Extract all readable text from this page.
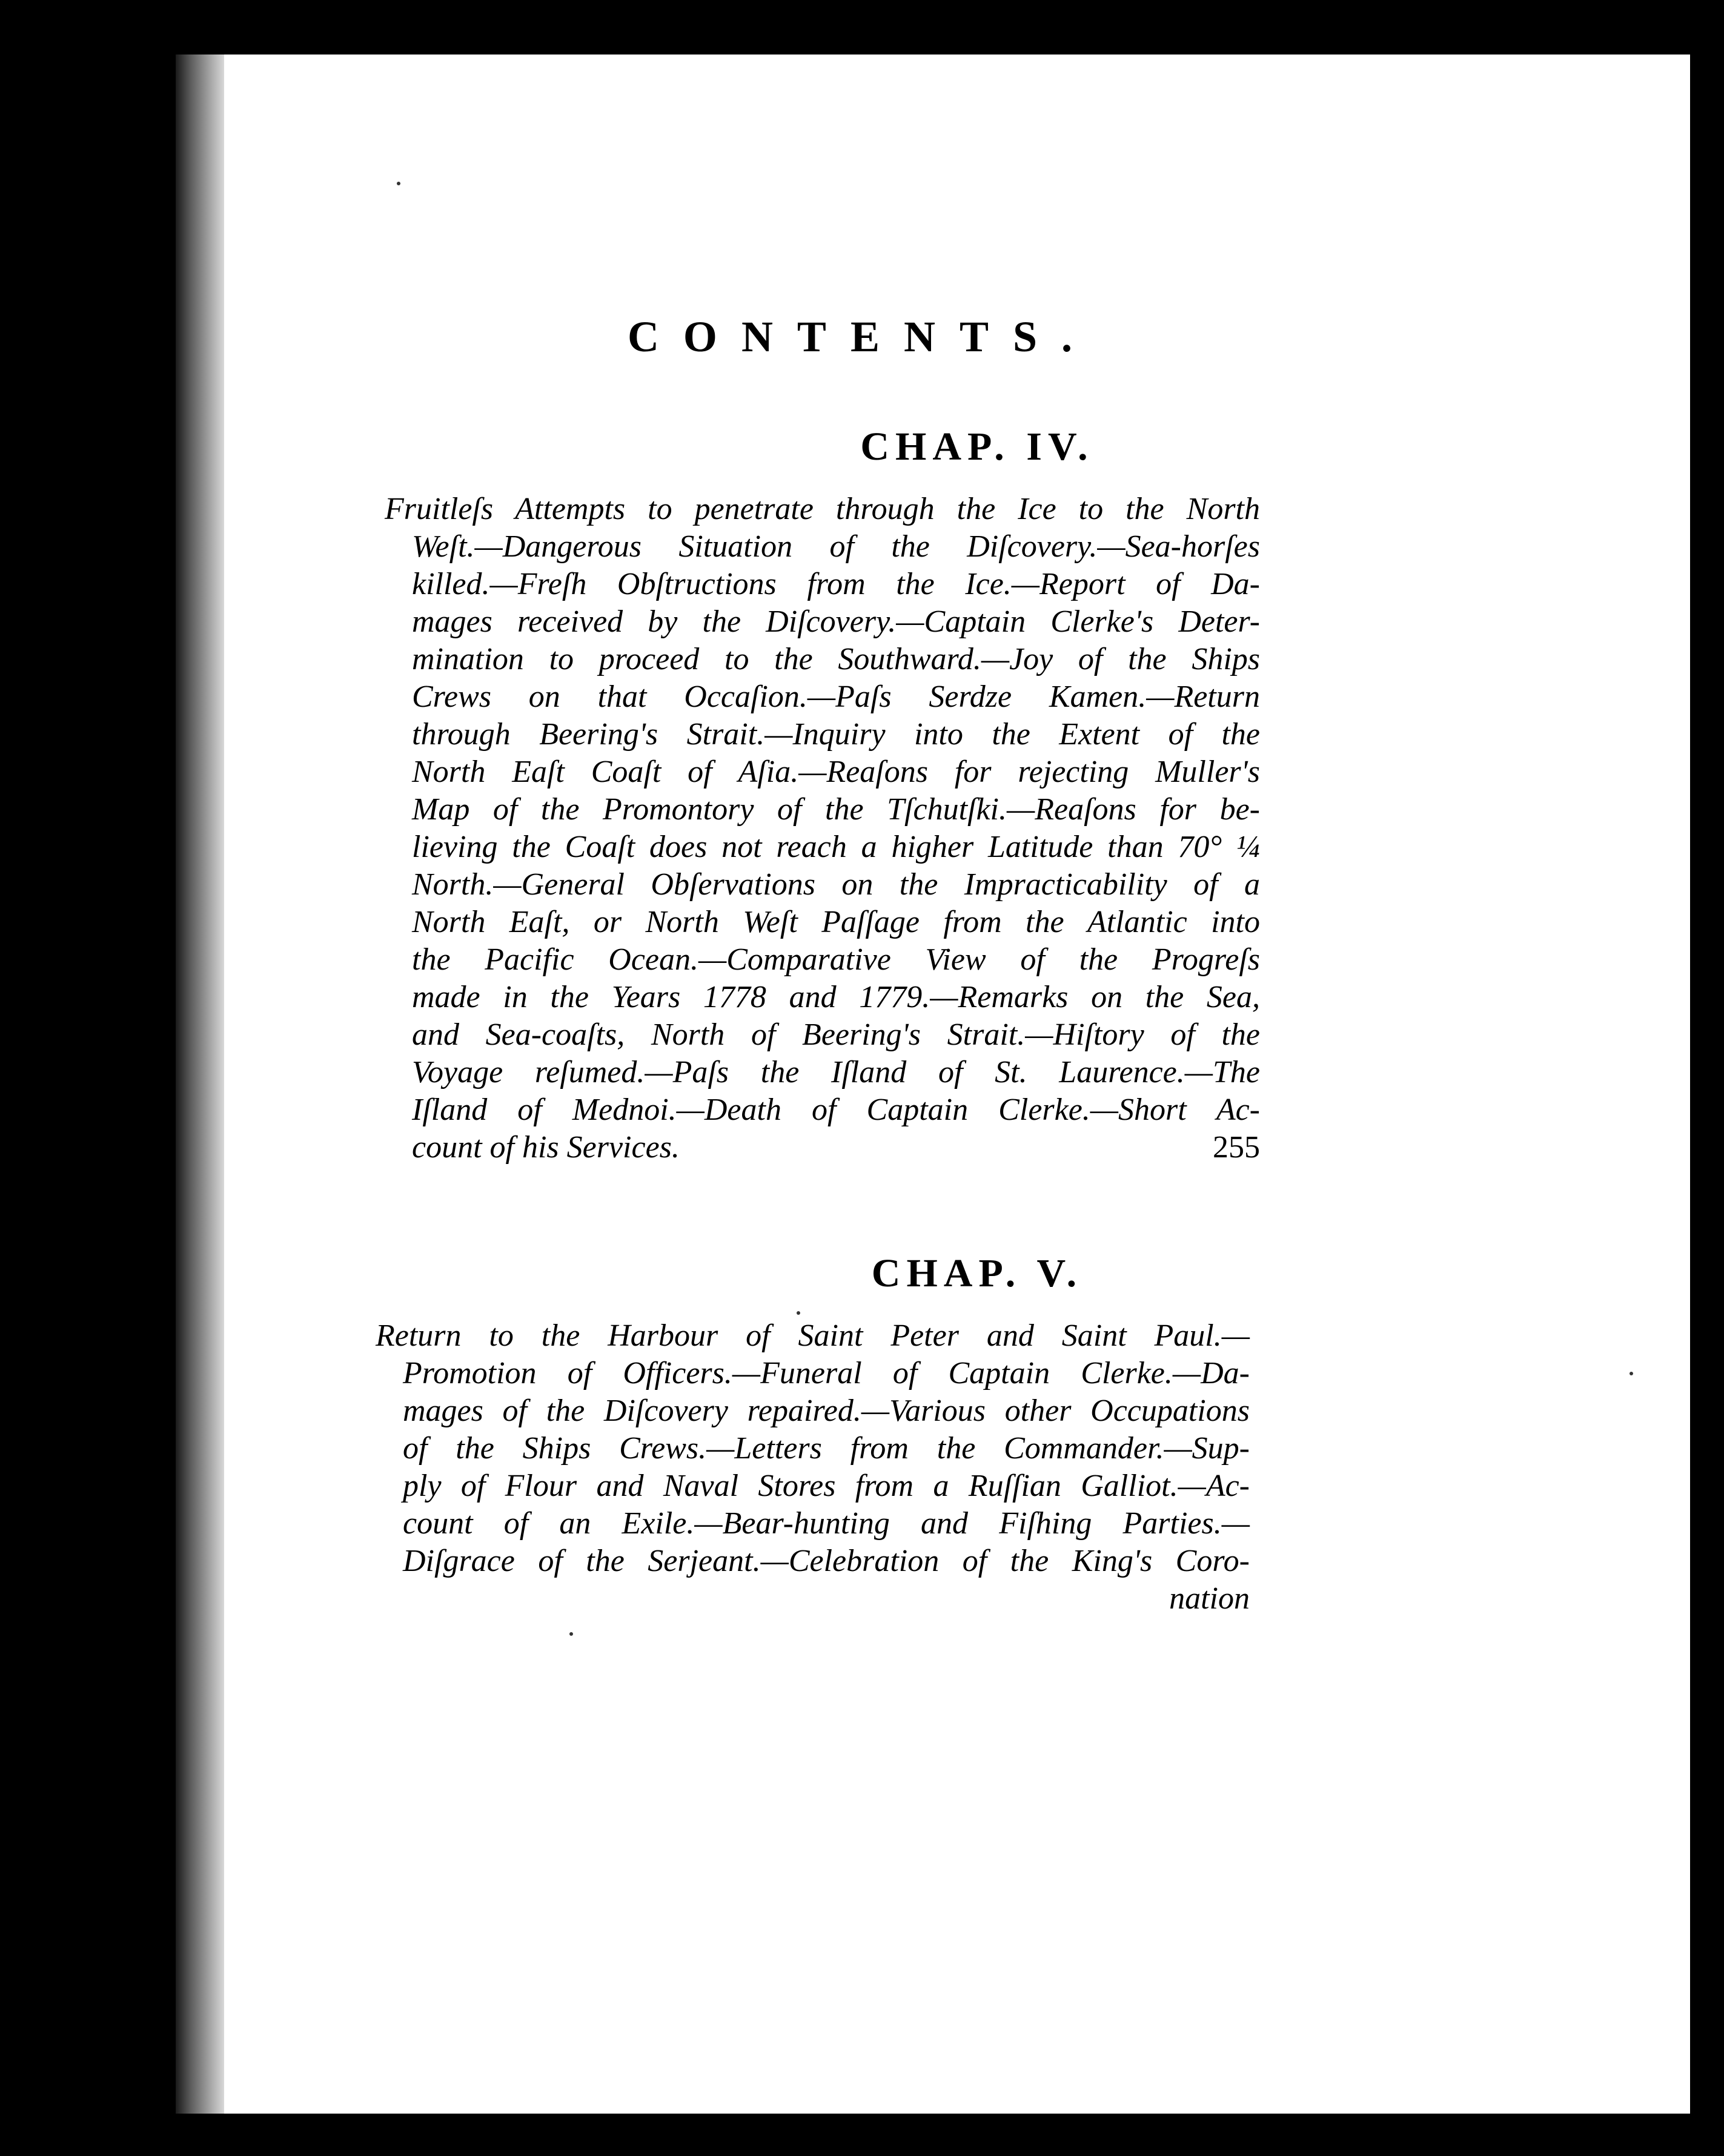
CONTENTS.
CHAP. IV.
Fruitleſs Attempts to penetrate through the Ice to the North
Weſt.—Dangerous Situation of the Diſcovery.—Sea-horſes
killed.—Freſh Obſtructions from the Ice.—Report of Da-
mages received by the Diſcovery.—Captain Clerke's Deter-
mination to proceed to the Southward.—Joy of the Ships
Crews on that Occaſion.—Paſs Serdze Kamen.—Return
through Beering's Strait.—Inquiry into the Extent of the
North Eaſt Coaſt of Aſia.—Reaſons for rejecting Muller's
Map of the Promontory of the Tſchutſki.—Reaſons for be-
lieving the Coaſt does not reach a higher Latitude than 70° ¼
North.—General Obſervations on the Impracticability of a
North Eaſt, or North Weſt Paſſage from the Atlantic into
the Pacific Ocean.—Comparative View of the Progreſs
made in the Years 1778 and 1779.—Remarks on the Sea,
and Sea-coaſts, North of Beering's Strait.—Hiſtory of the
Voyage reſumed.—Paſs the Iſland of St. Laurence.—The
Iſland of Mednoi.—Death of Captain Clerke.—Short Ac-
count of his Services.	255
CHAP. V.
Return to the Harbour of Saint Peter and Saint Paul.—
Promotion of Officers.—Funeral of Captain Clerke.—Da-
mages of the Diſcovery repaired.—Various other Occupations
of the Ships Crews.—Letters from the Commander.—Sup-
ply of Flour and Naval Stores from a Ruſſian Galliot.—Ac-
count of an Exile.—Bear-hunting and Fiſhing Parties.—
Diſgrace of the Serjeant.—Celebration of the King's Coro-
nation
